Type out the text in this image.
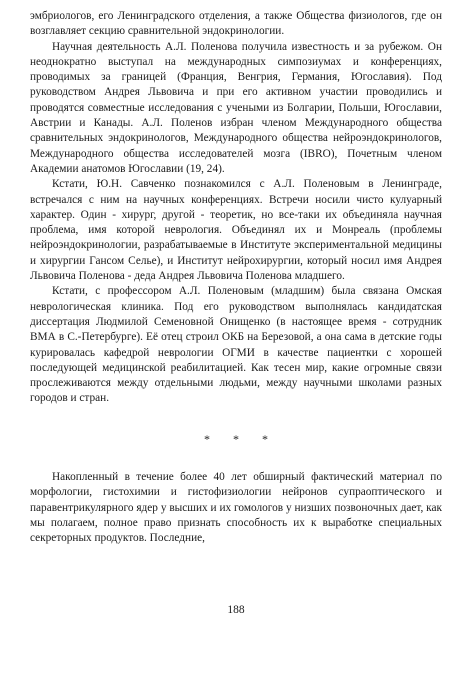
эмбриологов, его Ленинградского отделения, а также Общества физиологов, где он возглавляет секцию сравнительной эндокринологии.

Научная деятельность А.Л. Поленова получила известность и за рубежом. Он неоднократно выступал на международных симпозиумах и конференциях, проводимых за границей (Франция, Венгрия, Германия, Югославия). Под руководством Андрея Львовича и при его активном участии проводились и проводятся совместные исследования с учеными из Болгарии, Польши, Югославии, Австрии и Канады. А.Л. Поленов избран членом Международного общества сравнительных эндокринологов, Международного общества нейроэндокринологов, Международного общества исследователей мозга (IBRO), Почетным членом Академии анатомов Югославии (19, 24).

Кстати, Ю.Н. Савченко познакомился с А.Л. Поленовым в Ленинграде, встречался с ним на научных конференциях. Встречи носили чисто кулуарный характер. Один - хирург, другой - теоретик, но все-таки их объединяла научная проблема, имя которой неврология. Объединял их и Монреаль (проблемы нейроэндокринологии, разрабатываемые в Институте экспериментальной медицины и хирургии Гансом Селье), и Институт нейрохирургии, который носил имя Андрея Львовича Поленова - деда Андрея Львовича Поленова младшего.

Кстати, с профессором А.Л. Поленовым (младшим) была связана Омская неврологическая клиника. Под его руководством выполнялась кандидатская диссертация Людмилой Семеновной Онищенко (в настоящее время - сотрудник ВМА в С.-Петербурге). Её отец строил ОКБ на Березовой, а она сама в детские годы курировалась кафедрой неврологии ОГМИ в качестве пациентки с хорошей последующей медицинской реабилитацией. Как тесен мир, какие огромные связи прослеживаются между отдельными людьми, между научными школами разных городов и стран.

* * *

Накопленный в течение более 40 лет обширный фактический материал по морфологии, гистохимии и гистофизиологии нейронов супраоптического и паравентрикулярного ядер у высших и их гомологов у низших позвоночных дает, как мы полагаем, полное право признать способность их к выработке специальных секреторных продуктов. Последние,

188
